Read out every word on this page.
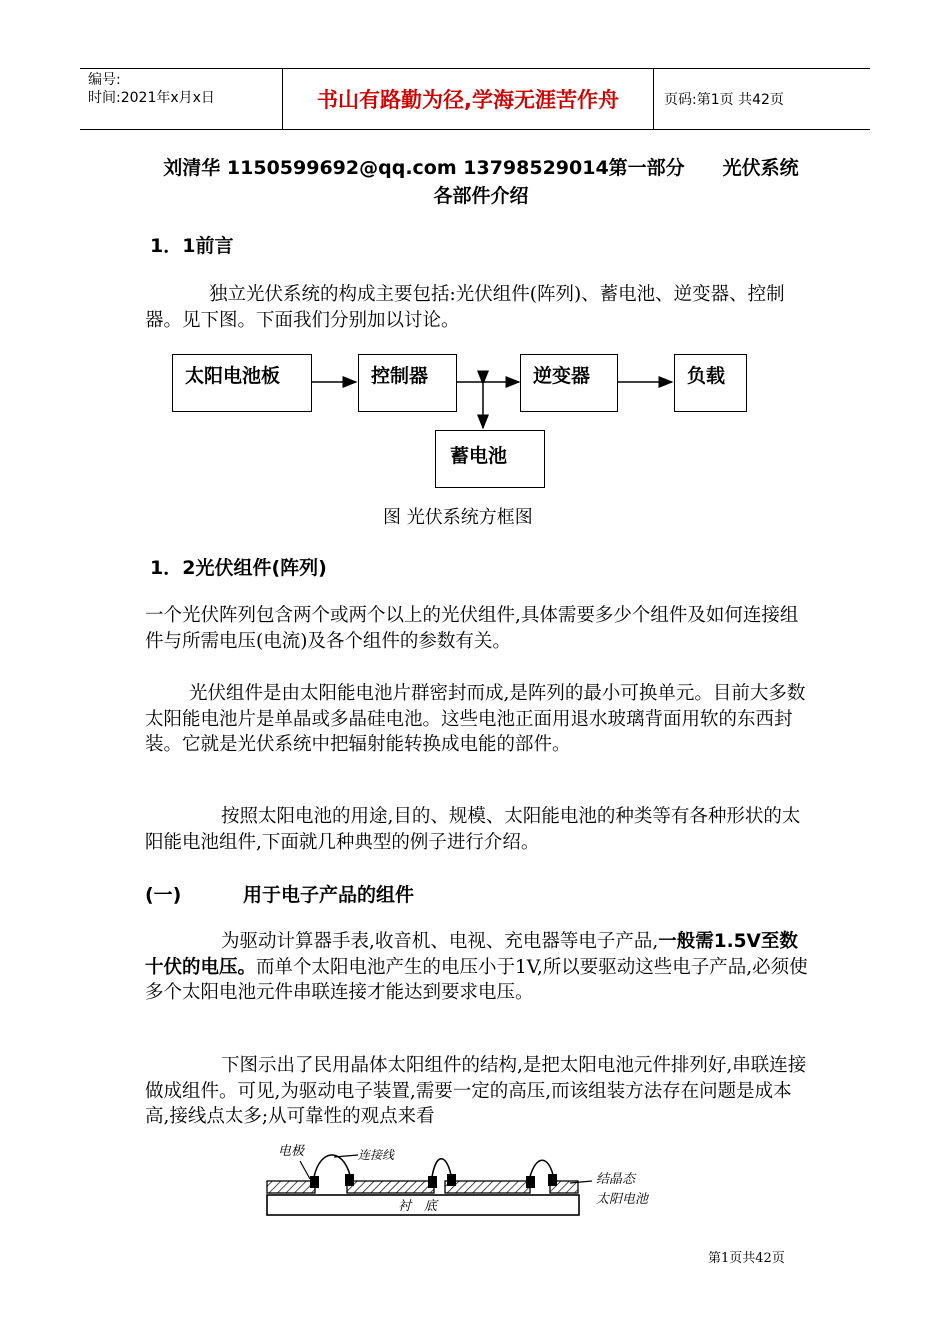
编号:
时间:2021年x月x日	书山有路勤为径,学海无涯苦作舟	页码:第1页 共42页
刘清华 1150599692@qq.com 13798529014第一部分　　光伏系统
各部件介绍
1．1前言
独立光伏系统的构成主要包括:光伏组件(阵列)、蓄电池、逆变器、控制器。见下图。下面我们分别加以讨论。
太阳电池板	控制器	逆变器	负载
蓄电池
图 光伏系统方框图
1．2光伏组件(阵列)
一个光伏阵列包含两个或两个以上的光伏组件,具体需要多少个组件及如何连接组件与所需电压(电流)及各个组件的参数有关。
光伏组件是由太阳能电池片群密封而成,是阵列的最小可换单元。目前大多数太阳能电池片是单晶或多晶硅电池。这些电池正面用退水玻璃背面用软的东西封装。它就是光伏系统中把辐射能转换成电能的部件。
按照太阳电池的用途,目的、规模、太阳能电池的种类等有各种形状的太阳能电池组件,下面就几种典型的例子进行介绍。
(一)	用于电子产品的组件
为驱动计算器手表,收音机、电视、充电器等电子产品,一般需1.5V至数十伏的电压。而单个太阳电池产生的电压小于1V,所以要驱动这些电子产品,必须使多个太阳电池元件串联连接才能达到要求电压。
下图示出了民用晶体太阳组件的结构,是把太阳电池元件排列好,串联连接做成组件。可见,为驱动电子装置,需要一定的高压,而该组装方法存在问题是成本高,接线点太多;从可靠性的观点来看
电极	连接线
结晶态
太阳电池
衬　底
第1页共42页
